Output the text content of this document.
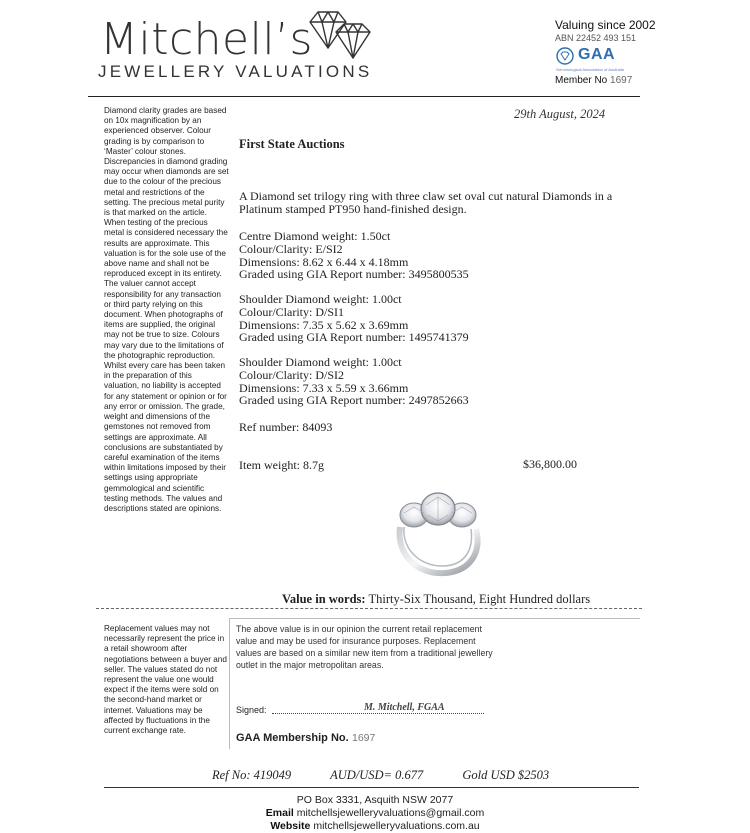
Mitchell’s
JEWELLERY VALUATIONS
Valuing since 2002
ABN 22452 493 151
GAA
Gemmological Association of Australia
Member No 1697
Diamond clarity grades are based on 10x magnification by an experienced observer. Colour grading is by comparison to ‘Master’ colour stones. Discrepancies in diamond grading may occur when diamonds are set due to the colour of the precious metal and restrictions of the setting. The precious metal purity is that marked on the article. When testing of the precious metal is considered necessary the results are approximate. This valuation is for the sole use of the above name and shall not be reproduced except in its entirety. The valuer cannot accept responsibility for any transaction or third party relying on this document. When photographs of items are supplied, the original may not be true to size. Colours may vary due to the limitations of the photographic reproduction. Whilst every care has been taken in the preparation of this valuation, no liability is accepted for any statement or opinion or for any error or omission. The grade, weight and dimensions of the gemstones not removed from settings are approximate. All conclusions are substantiated by careful examination of the items within limitations imposed by their settings using appropriate gemmological and scientific testing methods. The values and descriptions stated are opinions.
29th August, 2024
First State Auctions
A Diamond set trilogy ring with three claw set oval cut natural Diamonds in a Platinum stamped PT950 hand-finished design.
Centre Diamond weight: 1.50ct
Colour/Clarity: E/SI2
Dimensions: 8.62 x 6.44 x 4.18mm
Graded using GIA Report number: 3495800535
Shoulder Diamond weight: 1.00ct
Colour/Clarity: D/SI1
Dimensions: 7.35 x 5.62 x 3.69mm
Graded using GIA Report number: 1495741379
Shoulder Diamond weight: 1.00ct
Colour/Clarity: D/SI2
Dimensions: 7.33 x 5.59 x 3.66mm
Graded using GIA Report number: 2497852663
Ref number: 84093
Item weight: 8.7g	$36,800.00
Value in words: Thirty-Six Thousand, Eight Hundred dollars
Replacement values may not necessarily represent the price in a retail showroom after negotiations between a buyer and seller. The values stated do not represent the value one would expect if the items were sold on the second-hand market or internet. Valuations may be affected by fluctuations in the current exchange rate.
The above value is in our opinion the current retail replacement value and may be used for insurance purposes. Replacement values are based on a similar new item from a traditional jewellery outlet in the major metropolitan areas.
Signed:	M. Mitchell, FGAA
GAA Membership No. 1697
Ref No: 419049	AUD/USD= 0.677	Gold USD $2503
PO Box 3331, Asquith NSW 2077
Email mitchellsjewelleryvaluations@gmail.com
Website mitchellsjewelleryvaluations.com.au
